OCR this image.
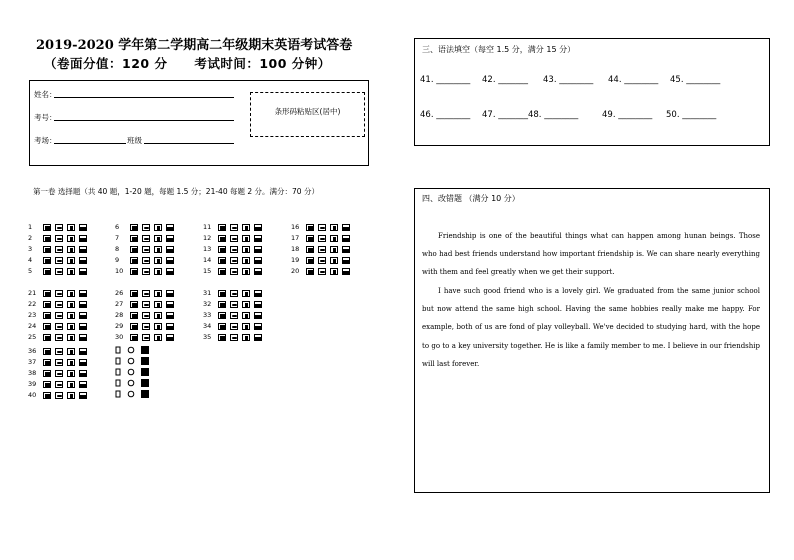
2019-2020 学年第二学期高二年级期末英语考试答卷
（卷面分值：120 分 考试时间：100 分钟）
姓名：
考号：
考场：	班级
条形码粘贴区(居中)
第一卷 选择题（共 40 题，1-20 题，每题 1.5 分；21-40 每题 2 分。满分：70 分）
1
2
3
4
5
6
7
8
9
10
11
12
13
14
15
16
17
18
19
20
21
22
23
24
25
26
27
28
29
30
31
32
33
34
35
36
37
38
39
40
三、语法填空（每空 1.5 分，满分 15 分）
41. ________ 42. _______ 43. ________ 44. ________ 45. ________
46. ________ 47. _______48. ________	49. ________ 50. ________
四、改错题 （满分 10 分）
Friendship is one of the beautiful things what can happen among hunan beings. Those who had best friends understand how important friendship is. We can share nearly everything with them and feel greatly when we get their support.
I have such good friend who is a lovely girl. We graduated from the same junior school but now attend the same high school. Having the same hobbies really make me happy. For example, both of us are fond of play volleyball. We've decided to studying hard, with the hope to go to a key university together. He is like a family member to me. I believe in our friendship will last forever.
